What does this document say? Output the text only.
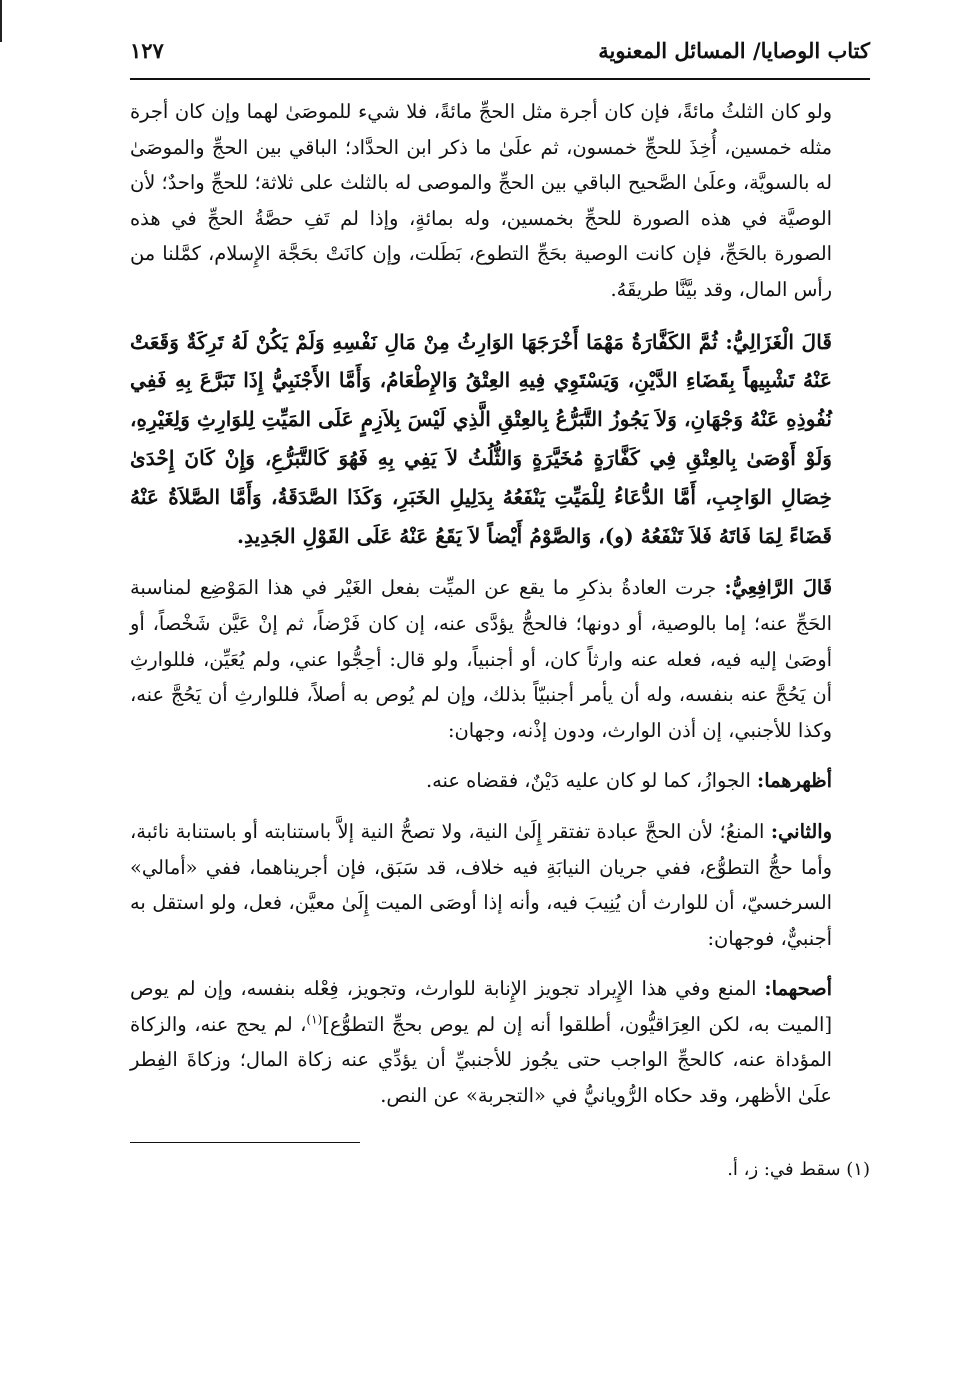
كتاب الوصايا/ المسائل المعنوية
١٢٧

ولو كان الثلثُ مائةً، فإن كان أجرة مثل الحجِّ مائةً، فلا شيء للموصَىٰ لهما وإن كان أجرة مثله خمسين، أُخِذَ للحجِّ خمسون، ثم علَىٰ ما ذكر ابن الحدَّاد؛ الباقي بين الحجِّ والموصَىٰ له بالسويَّة، وعلَىٰ الصَّحيح الباقي بين الحجِّ والموصى له بالثلث على ثلاثة؛ للحجِّ واحدٌ؛ لأن الوصيَّة في هذه الصورة للحجِّ بخمسين، وله بمائةٍ، وإذا لم تَفِ حصَّةُ الحجِّ في هذه الصورة بالحَجِّ، فإن كانت الوصية بحَجِّ التطوع، بَطَلت، وإن كانَتْ بحَجَّة الإِسلام، كمَّلنا من رأس المال، وقد بيَّنَّا طريقَهُ.

قَالَ الْغَزَالِيُّ: ثُمَّ الكَفَّارَةُ مَهْمَا أَخْرَجَهَا الوَارِثُ مِنْ مَالِ نَفْسِهِ وَلَمْ يَكُنْ لَهُ تَرِكَةٌ وَقَعَتْ عَنْهُ تَشْبِيهاً بِقَضَاءِ الدَّيْنِ، وَيَسْتَوِي فِيهِ العِتْقُ وَالإِطْعَامُ، وَأَمَّا الأَجْنَبِيُّ إِذَا تَبَرَّعَ بِهِ فَفِي نُفُوذِهِ عَنْهُ وَجْهَانِ، وَلاَ يَجُوزُ التَّبَرُّعُ بِالعِتْقِ الَّذِي لَيْسَ بِلاَزِمٍ عَلَى المَيِّتِ لِلوَارِثِ وَلِغَيْرِهِ، وَلَوْ أَوْصَىٰ بِالعِتْقِ فِي كَفَّارَةٍ مُخَيَّرَةٍ وَالثُّلُثُ لاَ يَفِي بِهِ فَهُوَ كَالتَّبَرُّعِ، وَإِنْ كَانَ إِحْدَىٰ خِصَالِ الوَاجِبِ، أَمَّا الدُّعَاءُ لِلْمَيِّتِ يَنْفَعُهُ بِدَلِيلِ الخَبَرِ، وَكَذَا الصَّدَقَةُ، وَأَمَّا الصَّلاَةُ عَنْهُ قَضَاءً لِمَا فَاتَهُ فَلاَ تَنْفَعُهُ (و)، وَالصَّوْمُ أَيْضاً لاَ يَقَعُ عَنْهُ عَلَى القَوْلِ الجَدِيدِ.

قَالَ الرَّافِعِيُّ: جرت العادةُ بذكرِ ما يقع عن الميِّت بفعل الغَيْر في هذا المَوْضِع لمناسبة الحَجِّ عنه؛ إما بالوصية، أو دونها؛ فالحجُّ يؤدَّى عنه، إن كان فَرْضاً، ثم إنْ عَيَّن شَخْصاً، أو أوصَىٰ إليه فيه، فعله عنه وارثاً كان، أو أجنبياً، ولو قال: أحِجُّوا عني، ولم يُعَيِّن، فللوارثِ أن يَحُجَّ عنه بنفسه، وله أن يأمر أجنبيّاً بذلك، وإن لم يُوص به أصلاً، فللوارثِ أن يَحُجَّ عنه، وكذا للأجنبي، إن أذن الوارث، ودون إذْنه، وجهان:

أظهرهما: الجوازُ، كما لو كان عليه دَيْنٌ، فقضاه عنه.

والثاني: المنعُ؛ لأن الحجَّ عبادة تفتقر إِلَىٰ النية، ولا تصحُّ النية إلاَّ باستنابته أو باستنابة نائبة، وأما حجُّ التطوُّع، ففي جريان النيابَةِ فيه خلاف، قد سَبَق، فإن أجريناهما، ففي «أمالي» السرخسيّ، أن للوارث أن يُنِيبَ فيه، وأنه إذا أوصَى الميت إِلَىٰ معيَّن، فعل، ولو استقل به أجنبيٌّ، فوجهان:

أصحهما: المنع وفي هذا الإِيراد تجويز الإِنابة للوارث، وتجويز، فِعْله بنفسه، وإن لم يوص [الميت به، لكن العِرَاقيُّون، أطلقوا أنه إن لم يوص بحجِّ التطوُّع]$^{(١)}$، لم يحج عنه، والزكاة المؤداة عنه، كالحجِّ الواجب حتى يجُوز للأجنبيِّ أن يؤدِّي عنه زكاة المال؛ وزكاةَ الفِطر علَىٰ الأظهر، وقد حكاه الرُّويانيُّ في «التجربة» عن النص.

(١) سقط في: ز، أ.
